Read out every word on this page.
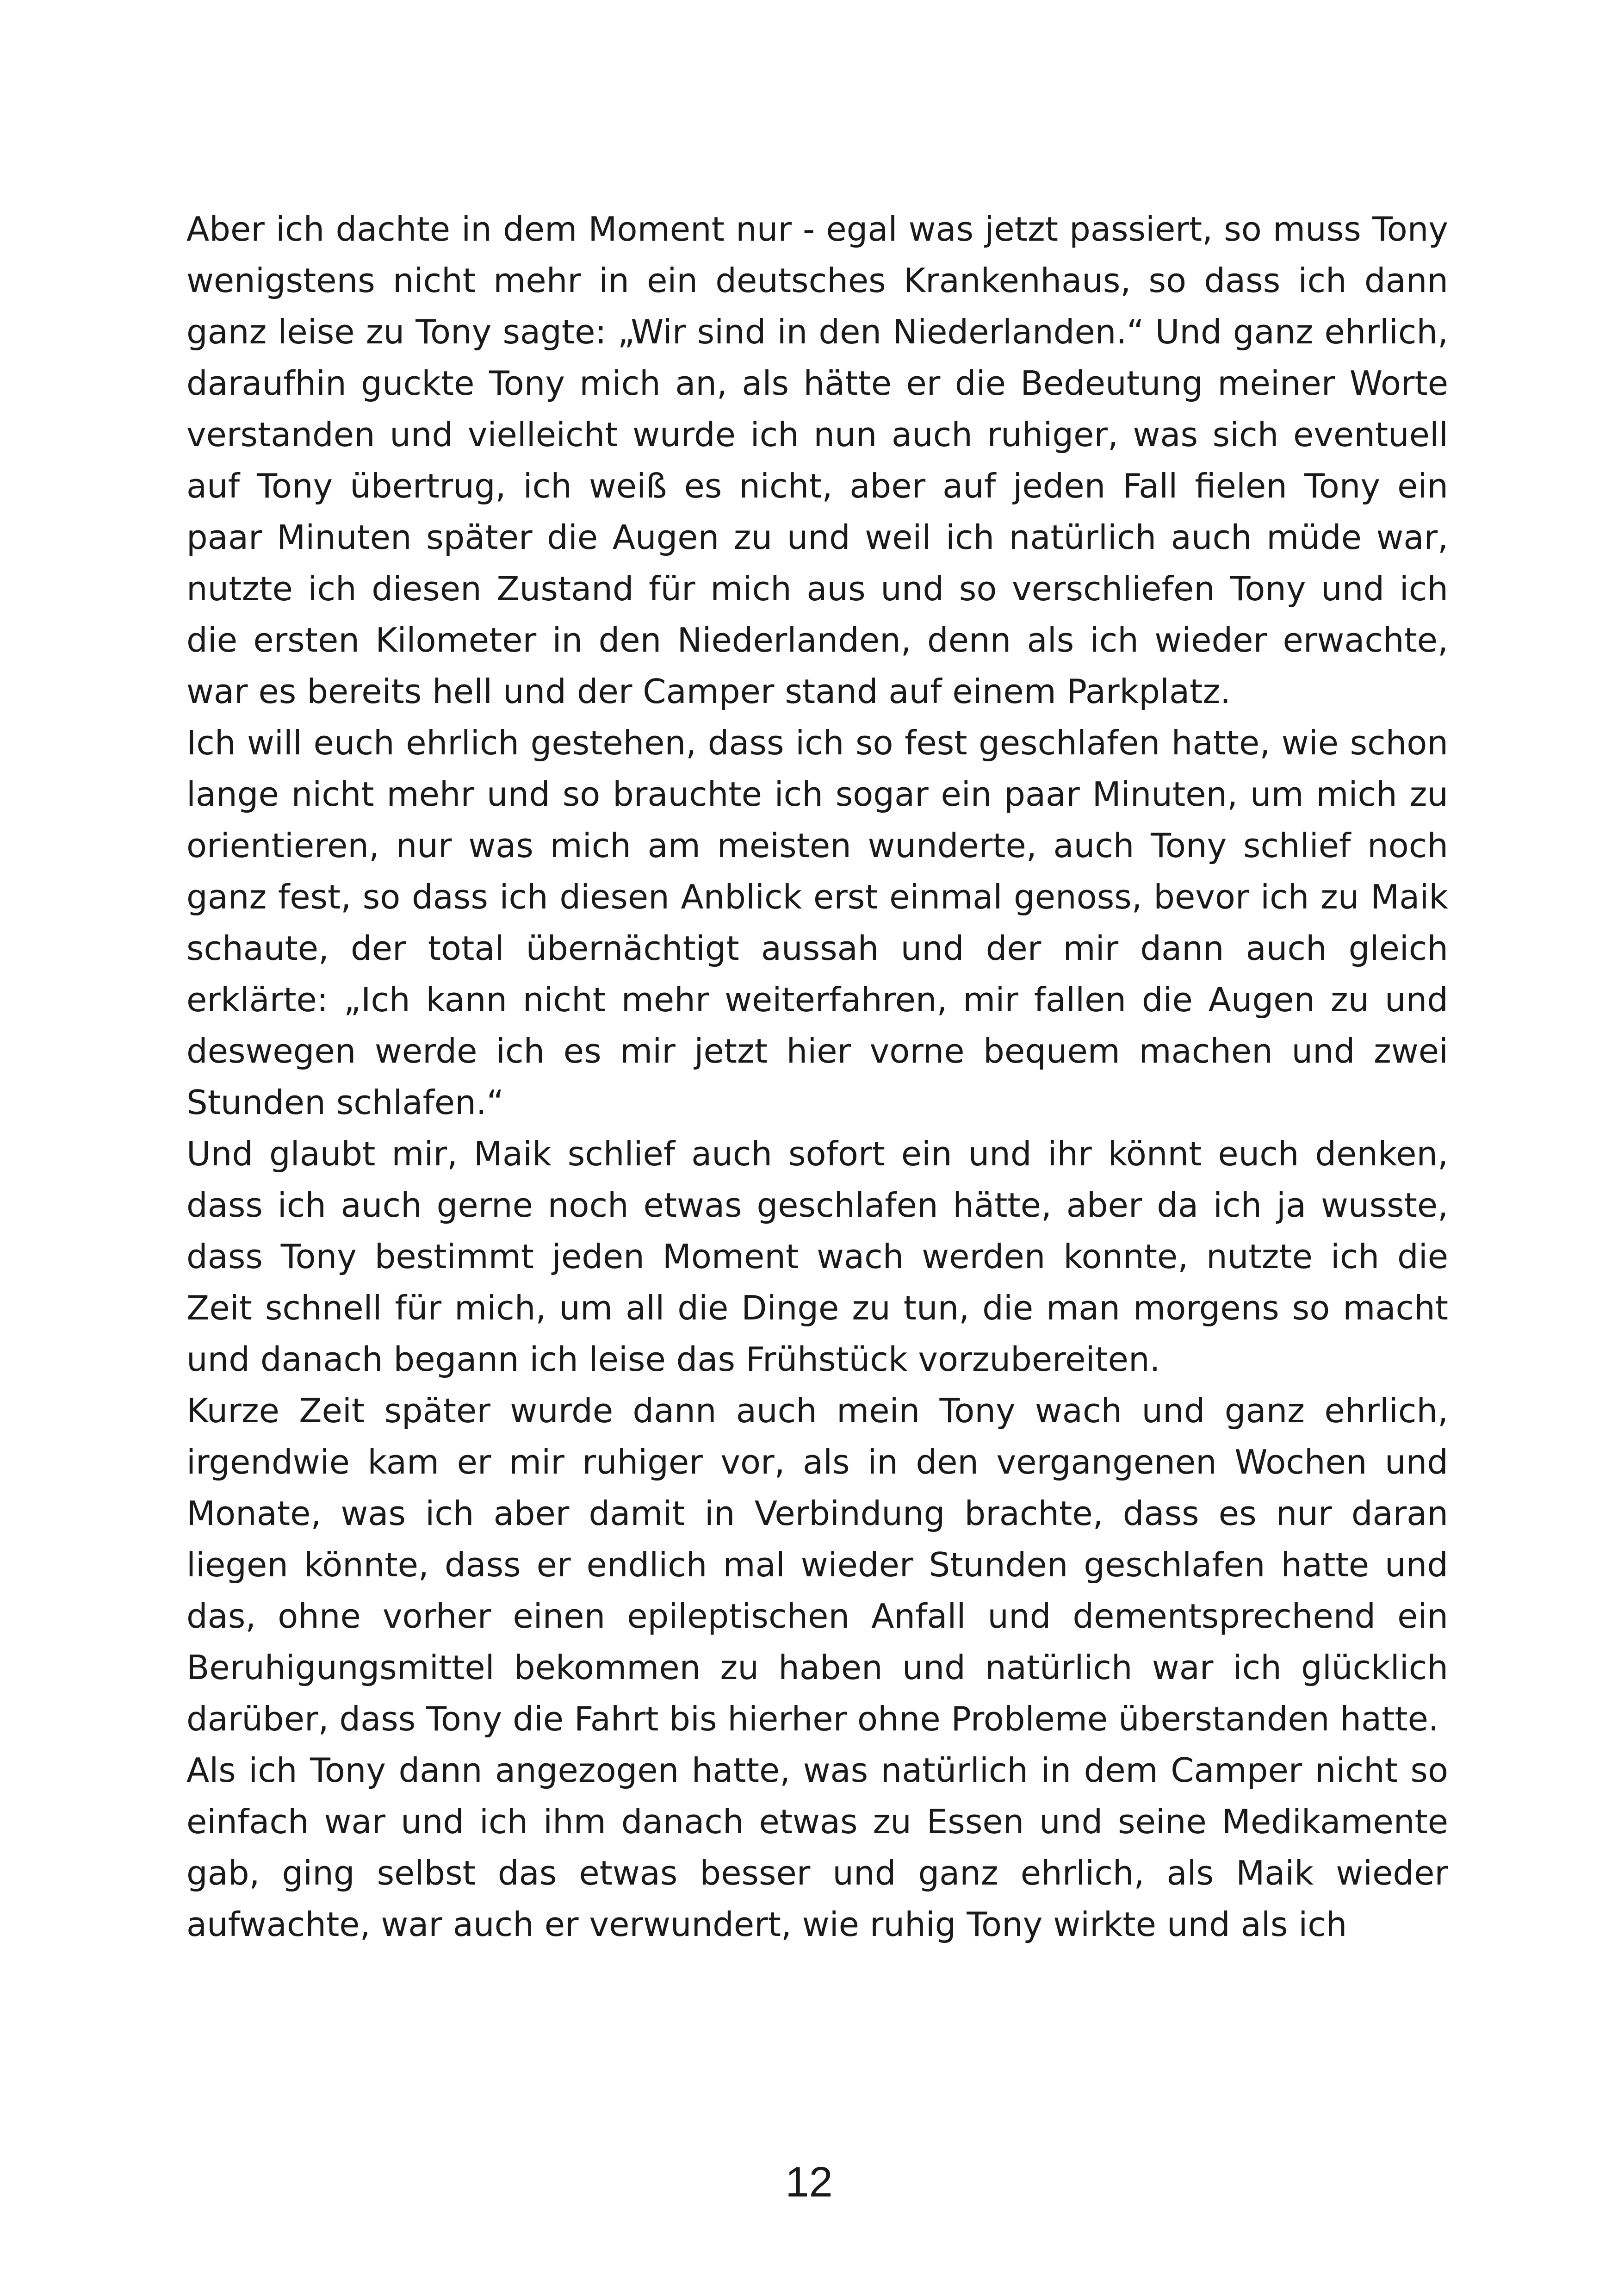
Aber ich dachte in dem Moment nur - egal was jetzt passiert, so muss Tony wenigstens nicht mehr in ein deutsches Krankenhaus, so dass ich dann ganz leise zu Tony sagte: „Wir sind in den Niederlanden.“ Und ganz ehrlich, daraufhin guckte Tony mich an, als hätte er die Bedeutung meiner Worte verstanden und vielleicht wurde ich nun auch ruhiger, was sich eventuell auf Tony übertrug, ich weiß es nicht, aber auf jeden Fall fielen Tony ein paar Minuten später die Augen zu und weil ich natürlich auch müde war, nutzte ich diesen Zustand für mich aus und so verschliefen Tony und ich die ersten Kilometer in den Niederlanden, denn als ich wieder erwachte, war es bereits hell und der Camper stand auf einem Parkplatz.

Ich will euch ehrlich gestehen, dass ich so fest geschlafen hatte, wie schon lange nicht mehr und so brauchte ich sogar ein paar Minuten, um mich zu orientieren, nur was mich am meisten wunderte, auch Tony schlief noch ganz fest, so dass ich diesen Anblick erst einmal genoss, bevor ich zu Maik schaute, der total übernächtigt aussah und der mir dann auch gleich erklärte: „Ich kann nicht mehr weiterfahren, mir fallen die Augen zu und deswegen werde ich es mir jetzt hier vorne bequem machen und zwei Stunden schlafen.“

Und glaubt mir, Maik schlief auch sofort ein und ihr könnt euch denken, dass ich auch gerne noch etwas geschlafen hätte, aber da ich ja wusste, dass Tony bestimmt jeden Moment wach werden konnte, nutzte ich die Zeit schnell für mich, um all die Dinge zu tun, die man morgens so macht und danach begann ich leise das Frühstück vorzubereiten.

Kurze Zeit später wurde dann auch mein Tony wach und ganz ehrlich, irgendwie kam er mir ruhiger vor, als in den vergangenen Wochen und Monate, was ich aber damit in Verbindung brachte, dass es nur daran liegen könnte, dass er endlich mal wieder Stunden geschlafen hatte und das, ohne vorher einen epileptischen Anfall und dementsprechend ein Beruhigungsmittel bekommen zu haben und natürlich war ich glücklich darüber, dass Tony die Fahrt bis hierher ohne Probleme überstanden hatte.

Als ich Tony dann angezogen hatte, was natürlich in dem Camper nicht so einfach war und ich ihm danach etwas zu Essen und seine Medikamente gab, ging selbst das etwas besser und ganz ehrlich, als Maik wieder aufwachte, war auch er verwundert, wie ruhig Tony wirkte und als ich

12
